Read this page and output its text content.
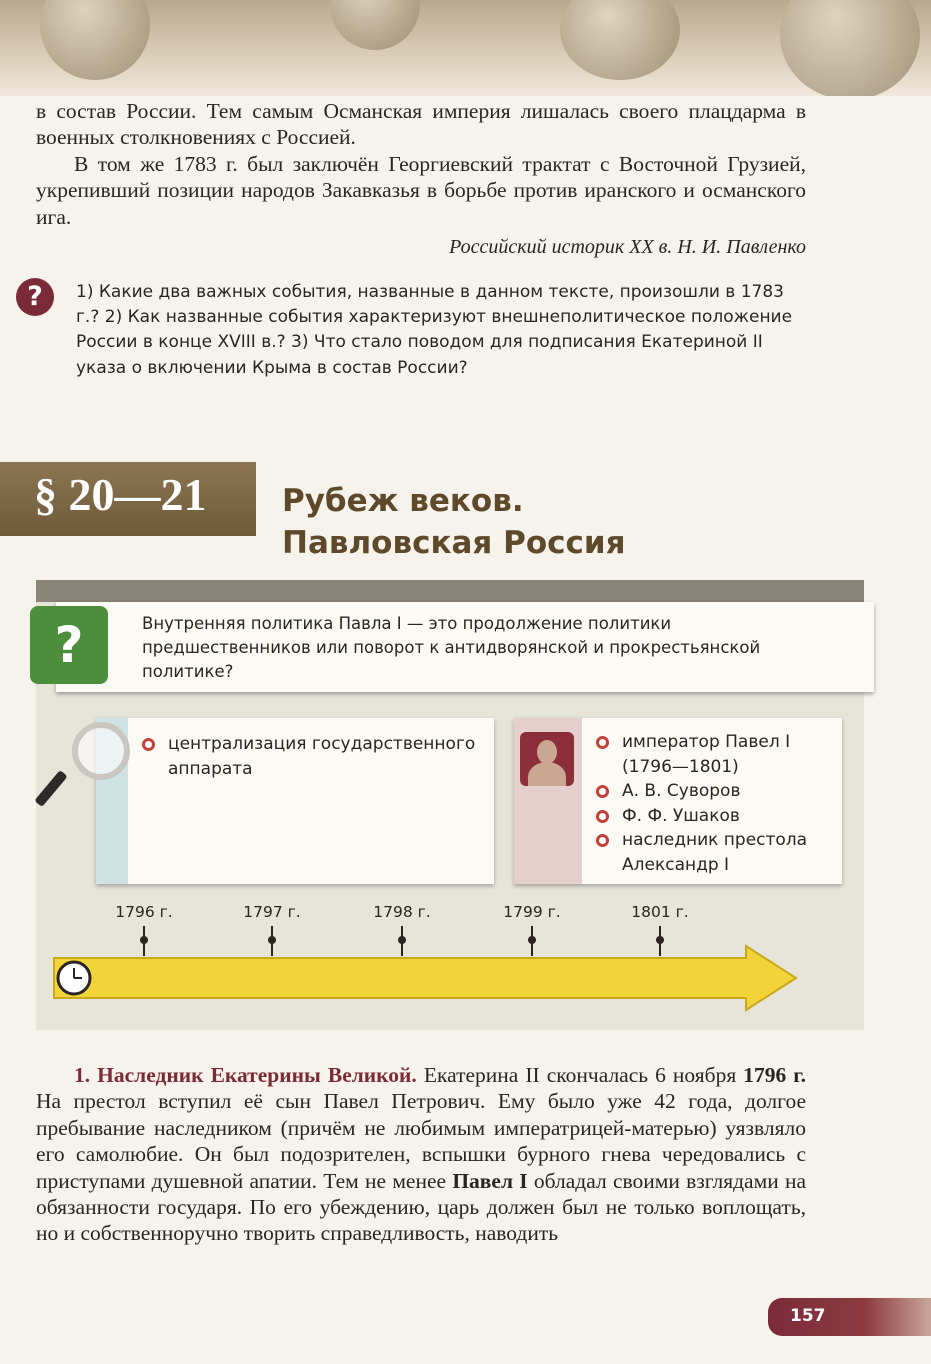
в состав России. Тем самым Османская империя лишалась своего плацдарма в военных столкновениях с Россией.

В том же 1783 г. был заключён Георгиевский трактат с Восточной Грузией, укрепивший позиции народов Закавказья в борьбе против иранского и османского ига.

Российский историк XX в. Н. И. Павленко
?	1) Какие два важных события, названные в данном тексте, произошли в 1783 г.? 2) Как названные события характеризуют внешнеполитическое положение России в конце XVIII в.? 3) Что стало поводом для подписания Екатериной II указа о включении Крыма в состав России?
§ 20—21 Рубеж веков.
Павловская Россия
?	Внутренняя политика Павла I — это продолжение политики предшественников или поворот к антидворянской и прокрестьянской политике?
централизация государственного аппарата
император Павел I (1796—1801)
А. В. Суворов
Ф. Ф. Ушаков
наследник престола Александр I
1796 г.	1797 г.	1798 г.	1799 г.	1801 г.

1. Наследник Екатерины Великой. Екатерина II скончалась 6 ноября 1796 г. На престол вступил её сын Павел Петрович. Ему было уже 42 года, долгое пребывание наследником (причём не любимым императрицей-матерью) уязвляло его самолюбие. Он был подозрителен, вспышки бурного гнева чередовались с приступами душевной апатии. Тем не менее Павел I обладал своими взглядами на обязанности государя. По его убеждению, царь должен был не только воплощать, но и собственноручно творить справедливость, наводить

157
